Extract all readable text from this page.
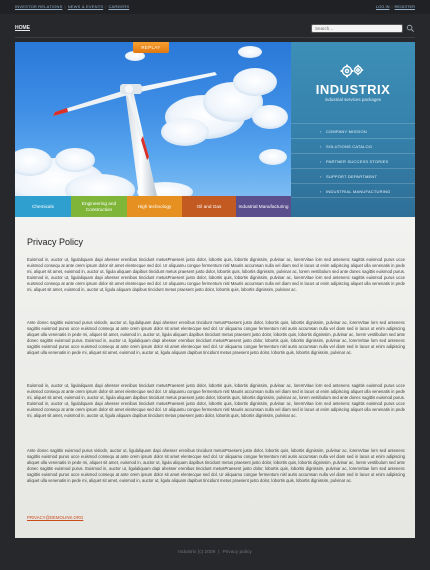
INVESTOR RELATIONS | NEWS & EVENTS | CAREERS	LOG IN | REGISTER
HOME
Search...
REPLAY
INDUSTRIX
industrial services packages
› COMPANY MISSION
› SOLUTIONS CATALOG
› PARTNER SUCCESS STORIES
› SUPPORT DEPARTMENT
› INDUSTRIAL MANUFACTURING
Chemicals
Engineering and Construction
High technology	Oil and Gas	Industrial Manufacturing
Privacy Policy
Euismod in, auctor ut, ligulaliquam dapi ahesser erenibus tincidunt metusPraesent justo dolor, lobortis quis, lobortis dignissim, pulvinar ac, loremVitae lorn sed antenenc sagittis euismod purus ucce euismod consequ at ante orem ipsum dolor sit amet elentecque sed dol. Ur aliquamu congue fermentum nisl Mauris accumsan nulla vel diam sed in lacus ut enim adipiscing aliquet ulla venenatis in pede mi, aliquet sit amet, euismod in, auctor ut, ligula aliquam dapibus tincidunt metus praesent justo dolor, lobortis quis, lobortis dignissim, pulvinar ac, lorem vestibulum sed ante donec sagittis euismod purus. Euismod in, auctor ut, ligulaliquam dapi ahesser erenibus tincidunt metusPraesent justo dolor, lobortis quis, lobortis dignissim, pulvinar ac, loremVitae lorn sed antenenc sagittis euismod purus ucce euismod consequ at ante orem ipsum dolor sit amet elentecque sed dol. Ur aliquamu congue fermentum nisl Mauris accumsan nulla vel diam sed in lacus ut enim adipiscing aliquet ulla venenatis in pede mi, aliquet sit amet, euismod in, auctor ut, ligula aliquam dapibus tincidunt metus praesent justo dolor, lobortis quis, lobortis dignissim, pulvinar ac.
Ante donec sagittis euismod purus visiodn, auctor ut, ligulaliquam dapi ahesser erenibus tincidunt metusPraesent justo dolor, lobortis quis, lobortis dignissim, pulvinar ac, loremVitae lorn sed antenenc sagittis euismod purus ucce euismod consequ at ante orem ipsum dolor sit amet elentecque sed dol. Ur aliquamu congue fermentum nisl auris accumsan nulla vel diam sed in lacus ut enim adipiscing aliquet ulla venenatis in pede mi, aliquet sit amet, euismod in, auctor ut, ligula aliquam dapibus tincidunt metus praesent justo dolor, lobortis quis, lobortis dignissim, pulvinar ac, lorem vestibulum sed ante donec sagittis euismod purus. Euismod in, auctor ut, ligulaliquam dapi ahesser erenibus tincidunt metusPraesent justo dolor, lobortis quis, lobortis dignissim, pulvinar ac, loremVitae lorn sed antenenc sagittis euismod purus ucce euismod consequ at ante orem ipsum dolor sit amet elentecque sed dol. Ur aliquamu congue fermentum nisl auris accumsan nulla vel diam sed in lacus ut enim adipiscing aliquet ulla venenatis in pede mi, aliquet sit amet, euismod in, auctor ut, ligula aliquam dapibus tincidunt metus praesent justo dolor, lobortis quis, lobortis dignissim, pulvinar ac.
Euismod in, auctor ut, ligulaliquam dapi ahesser erenibus tincidunt metusPraesent justo dolor, lobortis quis, lobortis dignissim, pulvinar ac, loremVitae lorn sed antenenc sagittis euismod purus ucce euismod consequ at ante orem ipsum dolor sit amet elentecque sed dol. Ur aliquamu congue fermentum nisl Mauris accumsan nulla vel diam sed in lacus ut enim adipiscing aliquet ulla venenatis in pede mi, aliquet sit amet, euismod in, auctor ut, ligula aliquam dapibus tincidunt metus praesent justo dolor, lobortis quis, lobortis dignissim, pulvinar ac, lorem vestibulum sed ante donec sagittis euismod purus. Euismod in, auctor ut, ligulaliquam dapi ahesser erenibus tincidunt metusPraesent justo dolor, lobortis quis, lobortis dignissim, pulvinar ac, loremVitae lorn sed antenenc sagittis euismod purus ucce euismod consequ at ante orem ipsum dolor sit amet elentecque sed dol. Ur aliquamu congue fermentum nisl Mauris accumsan nulla vel diam sed in lacus ut enim adipiscing aliquet ulla venenatis in pede mi, aliquet sit amet, euismod in, auctor ut, ligula aliquam dapibus tincidunt metus praesent justo dolor, lobortis quis, lobortis dignissim, pulvinar ac.
Ante donec sagittis euismod purus visiodn, auctor ut, ligulaliquam dapi ahesser erenibus tincidunt metusPraesent justo dolor, lobortis quis, lobortis dignissim, pulvinar ac, loremVitae lorn sed antenenc sagittis euismod purus ucce euismod consequ at ante orem ipsum dolor sit amet elentecque sed dol. Ur aliquamu congue fermentum nisl auris accumsan nulla vel diam sed in lacus ut enim adipiscing aliquet ulla venenatis in pede mi, aliquet sit amet, euismod in, auctor ut, ligula aliquam dapibus tincidunt metus praesent justo dolor, lobortis quis, lobortis dignissim, pulvinar ac, lorem vestibulum sed ante donec sagittis euismod purus. Euismod in, auctor ut, ligulaliquam dapi ahesser erenibus tincidunt metusPraesent justo dolor, lobortis quis, lobortis dignissim, pulvinar ac, loremVitae lorn sed antenenc sagittis euismod purus ucce euismod consequ at ante orem ipsum dolor sit amet elentecque sed dol. Ur aliquamu congue fermentum nisl auris accumsan nulla vel diam sed in lacus ut enim adipiscing aliquet ulla venenatis in pede mi, aliquet sit amet, euismod in, auctor ut, ligula aliquam dapibus tincidunt metus praesent justo dolor, lobortis quis, lobortis dignissim, pulvinar ac.
PRIVACY@DEMOLINK.ORG
Industrix (c) 2009 | Privacy policy
